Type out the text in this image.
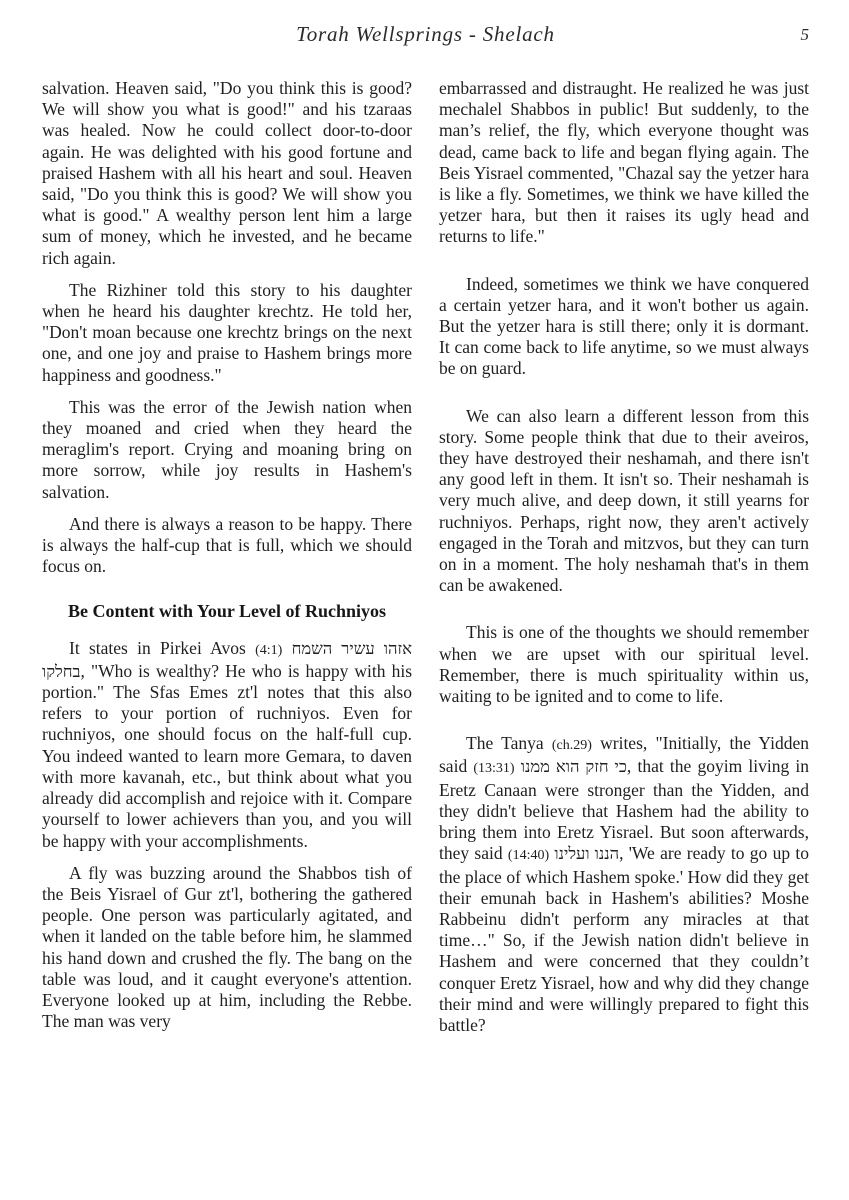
Torah Wellsprings - Shelach	5

salvation. Heaven said, "Do you think this is good? We will show you what is good!" and his tzaraas was healed. Now he could collect door-to-door again. He was delighted with his good fortune and praised Hashem with all his heart and soul. Heaven said, "Do you think this is good? We will show you what is good." A wealthy person lent him a large sum of money, which he invested, and he became rich again.

The Rizhiner told this story to his daughter when he heard his daughter krechtz. He told her, "Don't moan because one krechtz brings on the next one, and one joy and praise to Hashem brings more happiness and goodness."

This was the error of the Jewish nation when they moaned and cried when they heard the meraglim's report. Crying and moaning bring on more sorrow, while joy results in Hashem's salvation.

And there is always a reason to be happy. There is always the half-cup that is full, which we should focus on.

Be Content with Your Level of Ruchniyos

It states in Pirkei Avos (4:1) אזהו עשיר השמח בחלקו, "Who is wealthy? He who is happy with his portion." The Sfas Emes zt'l notes that this also refers to your portion of ruchniyos. Even for ruchniyos, one should focus on the half-full cup. You indeed wanted to learn more Gemara, to daven with more kavanah, etc., but think about what you already did accomplish and rejoice with it. Compare yourself to lower achievers than you, and you will be happy with your accomplishments.

A fly was buzzing around the Shabbos tish of the Beis Yisrael of Gur zt'l, bothering the gathered people. One person was particularly agitated, and when it landed on the table before him, he slammed his hand down and crushed the fly. The bang on the table was loud, and it caught everyone's attention. Everyone looked up at him, including the Rebbe. The man was very

embarrassed and distraught. He realized he was just mechalel Shabbos in public! But suddenly, to the man’s relief, the fly, which everyone thought was dead, came back to life and began flying again. The Beis Yisrael commented, "Chazal say the yetzer hara is like a fly. Sometimes, we think we have killed the yetzer hara, but then it raises its ugly head and returns to life."

Indeed, sometimes we think we have conquered a certain yetzer hara, and it won't bother us again. But the yetzer hara is still there; only it is dormant. It can come back to life anytime, so we must always be on guard.

We can also learn a different lesson from this story. Some people think that due to their aveiros, they have destroyed their neshamah, and there isn't any good left in them. It isn't so. Their neshamah is very much alive, and deep down, it still yearns for ruchniyos. Perhaps, right now, they aren't actively engaged in the Torah and mitzvos, but they can turn on in a moment. The holy neshamah that's in them can be awakened.

This is one of the thoughts we should remember when we are upset with our spiritual level. Remember, there is much spirituality within us, waiting to be ignited and to come to life.

The Tanya (ch.29) writes, "Initially, the Yidden said (13:31) כי חזק הוא ממנו, that the goyim living in Eretz Canaan were stronger than the Yidden, and they didn't believe that Hashem had the ability to bring them into Eretz Yisrael. But soon afterwards, they said (14:40) הננו ועלינו, 'We are ready to go up to the place of which Hashem spoke.' How did they get their emunah back in Hashem's abilities? Moshe Rabbeinu didn't perform any miracles at that time…" So, if the Jewish nation didn't believe in Hashem and were concerned that they couldn’t conquer Eretz Yisrael, how and why did they change their mind and were willingly prepared to fight this battle?
